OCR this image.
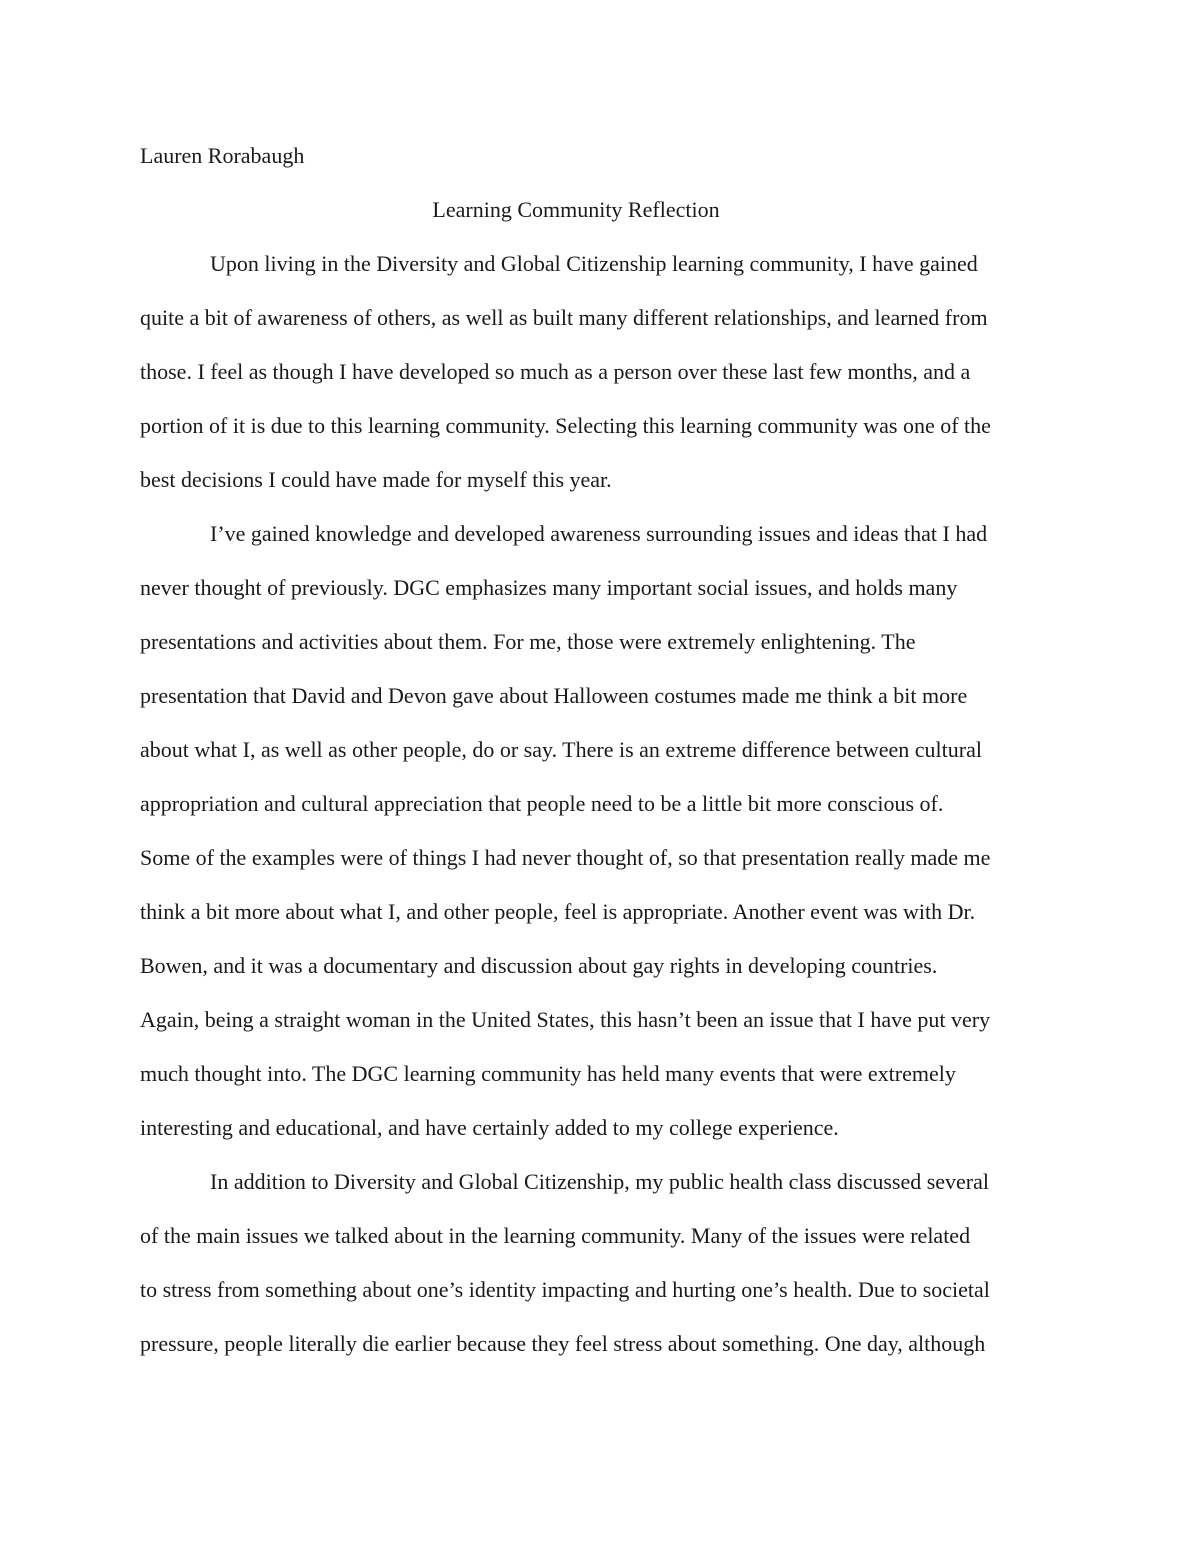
Lauren Rorabaugh
Learning Community Reflection
Upon living in the Diversity and Global Citizenship learning community, I have gained
quite a bit of awareness of others, as well as built many different relationships, and learned from
those. I feel as though I have developed so much as a person over these last few months, and a
portion of it is due to this learning community. Selecting this learning community was one of the
best decisions I could have made for myself this year.
I’ve gained knowledge and developed awareness surrounding issues and ideas that I had
never thought of previously. DGC emphasizes many important social issues, and holds many
presentations and activities about them. For me, those were extremely enlightening. The
presentation that David and Devon gave about Halloween costumes made me think a bit more
about what I, as well as other people, do or say. There is an extreme difference between cultural
appropriation and cultural appreciation that people need to be a little bit more conscious of.
Some of the examples were of things I had never thought of, so that presentation really made me
think a bit more about what I, and other people, feel is appropriate. Another event was with Dr.
Bowen, and it was a documentary and discussion about gay rights in developing countries.
Again, being a straight woman in the United States, this hasn’t been an issue that I have put very
much thought into. The DGC learning community has held many events that were extremely
interesting and educational, and have certainly added to my college experience.
In addition to Diversity and Global Citizenship, my public health class discussed several
of the main issues we talked about in the learning community. Many of the issues were related
to stress from something about one’s identity impacting and hurting one’s health. Due to societal
pressure, people literally die earlier because they feel stress about something. One day, although
